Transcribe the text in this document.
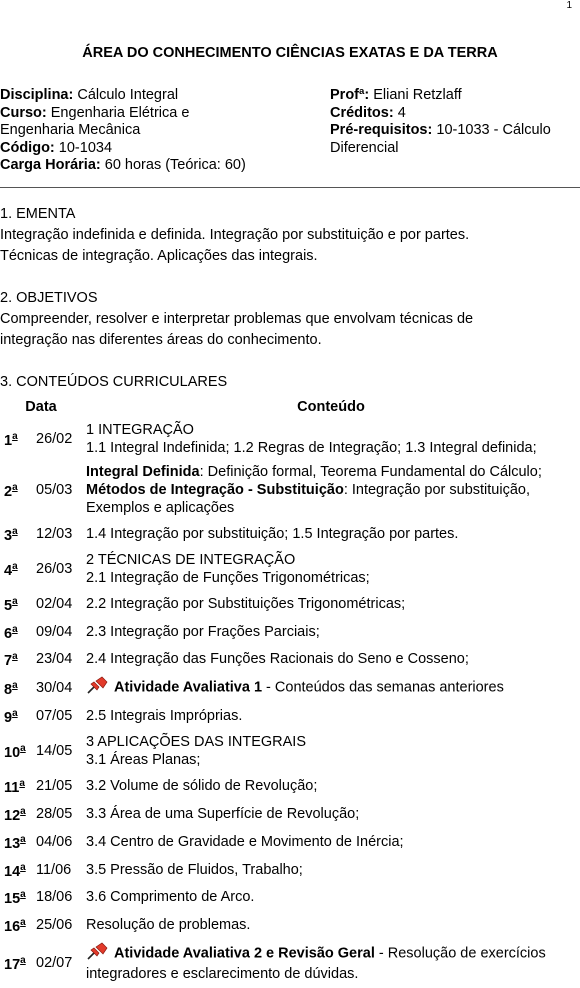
1
ÁREA DO CONHECIMENTO CIÊNCIAS EXATAS E DA TERRA
Disciplina: Cálculo Integral
Curso: Engenharia Elétrica e
Engenharia Mecânica
Código: 10-1034
Carga Horária: 60 horas (Teórica: 60)
Profª: Eliani Retzlaff
Créditos: 4
Pré-requisitos: 10-1033 - Cálculo
Diferencial

1. EMENTA

Integração indefinida e definida. Integração por substituição e por partes.

Técnicas de integração. Aplicações das integrais.

2. OBJETIVOS

Compreender, resolver e interpretar problemas que envolvam técnicas de

integração nas diferentes áreas do conhecimento.

3. CONTEÚDOS CURRICULARES

Data		Conteúdo
1$^a$	26/02	1 INTEGRAÇÃO
1.1 Integral Indefinida; 1.2 Regras de Integração; 1.3 Integral definida;

2$^a$	05/03	Integral Definida: Definição formal, Teorema Fundamental do Cálculo; Métodos de Integração - Substituição: Integração por substituição, Exemplos e aplicações
3$^a$	12/03	1.4 Integração por substituição; 1.5 Integração por partes.

4$^a$	26/03	2 TÉCNICAS DE INTEGRAÇÃO
2.1 Integração de Funções Trigonométricas;

5$^a$	02/04	2.2 Integração por Substituições Trigonométricas;

6$^a$	09/04	2.3 Integração por Frações Parciais;

7$^a$	23/04	2.4 Integração das Funções Racionais do Seno e Cosseno;

8$^a$	30/04	Atividade Avaliativa 1 - Conteúdos das semanas anteriores
9$^a$	07/05	2.5 Integrais Impróprias.

10$^a$	14/05	3 APLICAÇÕES DAS INTEGRAIS
3.1 Áreas Planas;

11$^a$	21/05	3.2 Volume de sólido de Revolução;

12$^a$	28/05	3.3 Área de uma Superfície de Revolução;

13$^a$	04/06	3.4 Centro de Gravidade e Movimento de Inércia;

14$^a$	11/06	3.5 Pressão de Fluidos, Trabalho;

15$^a$	18/06	3.6 Comprimento de Arco.

16$^a$	25/06	Resolução de problemas.

17$^a$	02/07	Atividade Avaliativa 2 e Revisão Geral - Resolução de exercícios integradores e esclarecimento de dúvidas.
